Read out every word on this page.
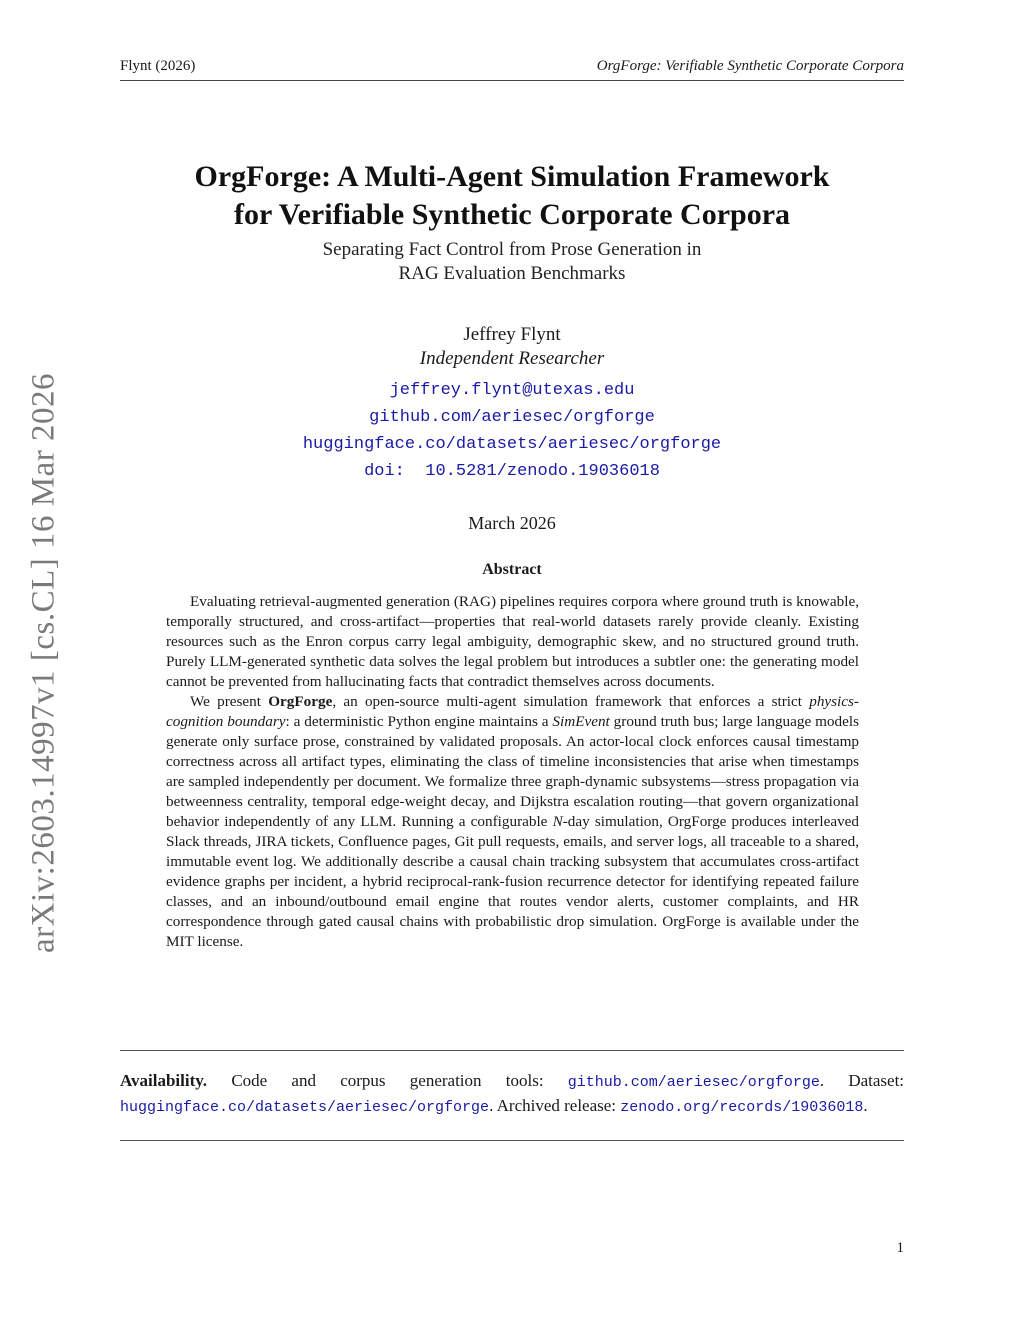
Flynt (2026)	OrgForge: Verifiable Synthetic Corporate Corpora
arXiv:2603.14997v1 [cs.CL] 16 Mar 2026
OrgForge: A Multi-Agent Simulation Framework
for Verifiable Synthetic Corporate Corpora
Separating Fact Control from Prose Generation in
RAG Evaluation Benchmarks
Jeffrey Flynt
Independent Researcher
jeffrey.flynt@utexas.edu
github.com/aeriesec/orgforge
huggingface.co/datasets/aeriesec/orgforge
doi: 10.5281/zenodo.19036018
March 2026
Abstract

Evaluating retrieval-augmented generation (RAG) pipelines requires corpora where ground truth is knowable, temporally structured, and cross-artifact—properties that real-world datasets rarely provide cleanly. Existing resources such as the Enron corpus carry legal ambiguity, demographic skew, and no structured ground truth. Purely LLM-generated synthetic data solves the legal problem but introduces a subtler one: the generating model cannot be prevented from hallucinating facts that contradict themselves across documents.

We present OrgForge, an open-source multi-agent simulation framework that enforces a strict physics-cognition boundary: a deterministic Python engine maintains a SimEvent ground truth bus; large language models generate only surface prose, constrained by validated proposals. An actor-local clock enforces causal timestamp correctness across all artifact types, eliminating the class of timeline inconsistencies that arise when timestamps are sampled independently per document. We formalize three graph-dynamic subsystems—stress propagation via betweenness centrality, temporal edge-weight decay, and Dijkstra escalation routing—that govern organizational behavior independently of any LLM. Running a configurable N-day simulation, OrgForge produces interleaved Slack threads, JIRA tickets, Confluence pages, Git pull requests, emails, and server logs, all traceable to a shared, immutable event log. We additionally describe a causal chain tracking subsystem that accumulates cross-artifact evidence graphs per incident, a hybrid reciprocal-rank-fusion recurrence detector for identifying repeated failure classes, and an inbound/outbound email engine that routes vendor alerts, customer complaints, and HR correspondence through gated causal chains with probabilistic drop simulation. OrgForge is available under the MIT license.

Availability. Code and corpus generation tools: github.com/aeriesec/orgforge. Dataset: huggingface.co/datasets/aeriesec/orgforge. Archived release: zenodo.org/records/19036018.
1
